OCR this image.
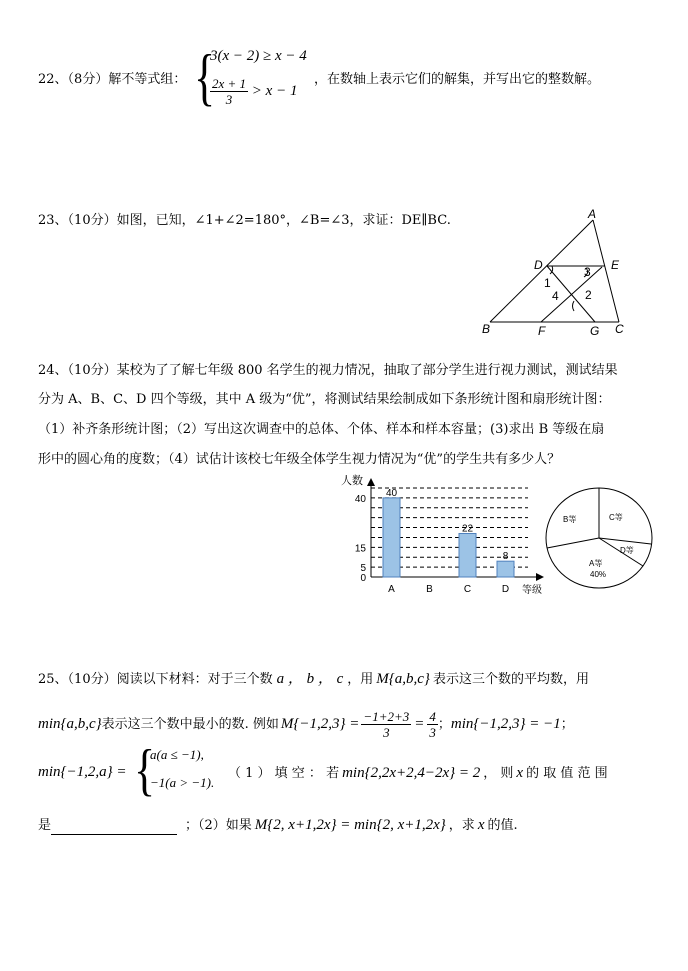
22、（8分）解不等式组： {
3(x − 2) ≥ x − 4
$\frac{2x + 1}{3} > x - 1$
，在数轴上表示它们的解集，并写出它的整数解。
23、（10分）如图，已知，∠1+∠2=180°，∠B=∠3，求证：DE∥BC.	A
D	E
B	F	G C
1
4
3
2
24、（10分）某校为了了解七年级 800 名学生的视力情况，抽取了部分学生进行视力测试，测试结果
分为 A、B、C、D 四个等级，其中 A 级为“优”，将测试结果绘制成如下条形统计图和扇形统计图：
（1）补齐条形统计图；（2）写出这次调查中的总体、个体、样本和样本容量；(3)求出 B 等级在扇
形中的圆心角的度数；（4）试估计该校七年级全体学生视力情况为“优”的学生共有多少人？
0
5
15
40
40
A	B
22
C
8
D
人数
等级
B等	C等
D等
A等
40%
25、（10分）阅读以下材料：对于三个数 a ， b ， c ，用 M{a,b,c} 表示这三个数的平均数，用
min{a,b,c}表示这三个数中最小的数. 例如 $M\{-1,2,3\} = \frac{-1+2+3}{3} = \frac{4}{3}$ ；min{−1,2,3} = −1；
min{−1,2,a} = {
a(a ≤ −1),
−1(a > −1).
（ 1 ） 填 空 ： 若 min{2,2x+2,4−2x} = 2 ， 则 x 的 取 值 范 围
是	；（2）如果 M{2, x+1,2x} = min{2, x+1,2x} ，求 x 的值.
